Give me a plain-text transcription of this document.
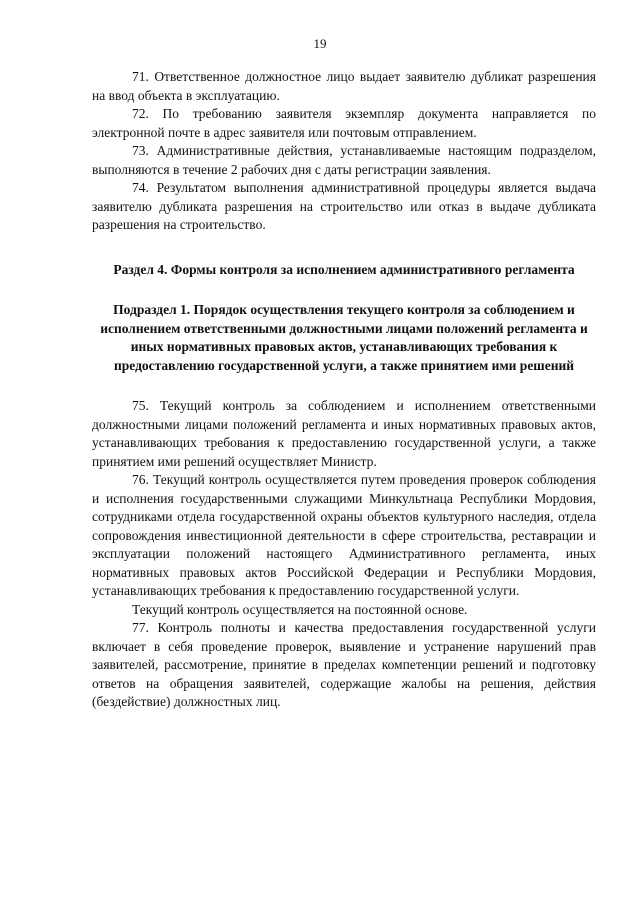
19

71. Ответственное должностное лицо выдает заявителю дубликат разрешения на ввод объекта в эксплуатацию.

72. По требованию заявителя экземпляр документа направляется по электронной почте в адрес заявителя или почтовым отправлением.

73. Административные действия, устанавливаемые настоящим подразделом, выполняются в течение 2 рабочих дня с даты регистрации заявления.

74. Результатом выполнения административной процедуры является выдача заявителю дубликата разрешения на строительство или отказ в выдаче дубликата разрешения на строительство.

Раздел 4. Формы контроля за исполнением административного регламента
Подраздел 1. Порядок осуществления текущего контроля за соблюдением и исполнением ответственными должностными лицами положений регламента и иных нормативных правовых актов, устанавливающих требования к предоставлению государственной услуги, а также принятием ими решений

75. Текущий контроль за соблюдением и исполнением ответственными должностными лицами положений регламента и иных нормативных правовых актов, устанавливающих требования к предоставлению государственной услуги, а также принятием ими решений осуществляет Министр.

76. Текущий контроль осуществляется путем проведения проверок соблюдения и исполнения государственными служащими Минкультнаца Республики Мордовия, сотрудниками отдела государственной охраны объектов культурного наследия, отдела сопровождения инвестиционной деятельности в сфере строительства, реставрации и эксплуатации положений настоящего Административного регламента, иных нормативных правовых актов Российской Федерации и Республики Мордовия, устанавливающих требования к предоставлению государственной услуги.

Текущий контроль осуществляется на постоянной основе.

77. Контроль полноты и качества предоставления государственной услуги включает в себя проведение проверок, выявление и устранение нарушений прав заявителей, рассмотрение, принятие в пределах компетенции решений и подготовку ответов на обращения заявителей, содержащие жалобы на решения, действия (бездействие) должностных лиц.
